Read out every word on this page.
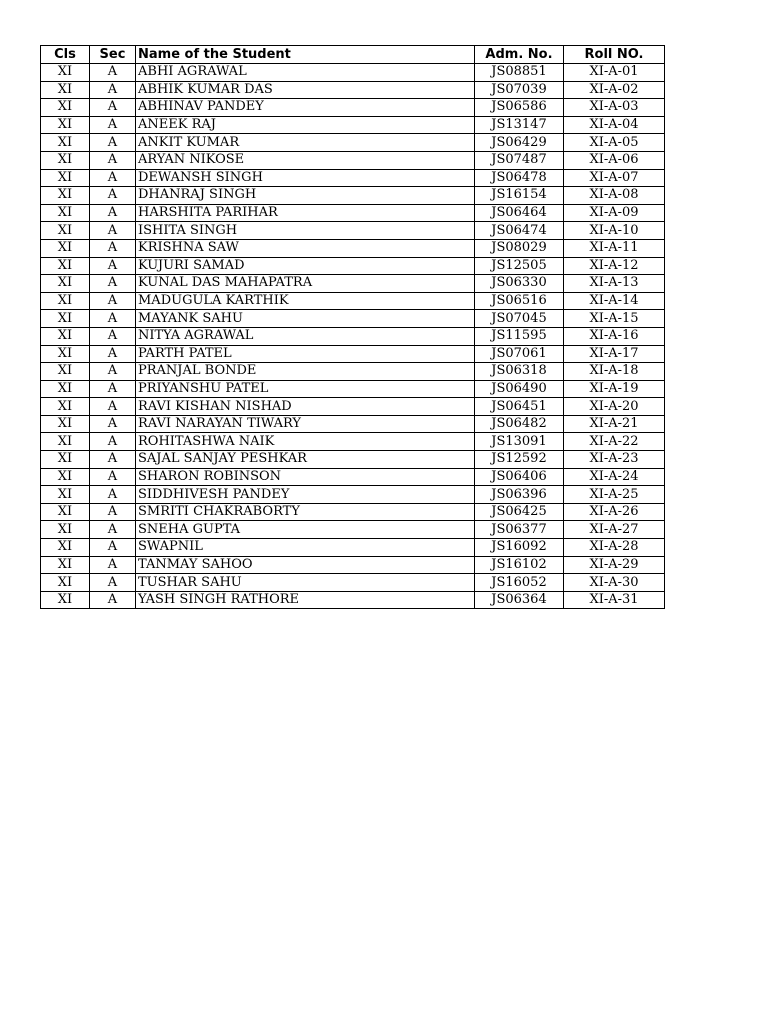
Cls	Sec	Name of the Student	Adm. No.	Roll NO.
XI	A	ABHI AGRAWAL	JS08851	XI-A-01
XI	A	ABHIK KUMAR DAS	JS07039	XI-A-02
XI	A	ABHINAV PANDEY	JS06586	XI-A-03
XI	A	ANEEK RAJ	JS13147	XI-A-04
XI	A	ANKIT KUMAR	JS06429	XI-A-05
XI	A	ARYAN NIKOSE	JS07487	XI-A-06
XI	A	DEWANSH SINGH	JS06478	XI-A-07
XI	A	DHANRAJ SINGH	JS16154	XI-A-08
XI	A	HARSHITA PARIHAR	JS06464	XI-A-09
XI	A	ISHITA SINGH	JS06474	XI-A-10
XI	A	KRISHNA SAW	JS08029	XI-A-11
XI	A	KUJURI SAMAD	JS12505	XI-A-12
XI	A	KUNAL DAS MAHAPATRA	JS06330	XI-A-13
XI	A	MADUGULA KARTHIK	JS06516	XI-A-14
XI	A	MAYANK SAHU	JS07045	XI-A-15
XI	A	NITYA AGRAWAL	JS11595	XI-A-16
XI	A	PARTH PATEL	JS07061	XI-A-17
XI	A	PRANJAL BONDE	JS06318	XI-A-18
XI	A	PRIYANSHU PATEL	JS06490	XI-A-19
XI	A	RAVI KISHAN NISHAD	JS06451	XI-A-20
XI	A	RAVI NARAYAN TIWARY	JS06482	XI-A-21
XI	A	ROHITASHWA NAIK	JS13091	XI-A-22
XI	A	SAJAL SANJAY PESHKAR	JS12592	XI-A-23
XI	A	SHARON ROBINSON	JS06406	XI-A-24
XI	A	SIDDHIVESH PANDEY	JS06396	XI-A-25
XI	A	SMRITI CHAKRABORTY	JS06425	XI-A-26
XI	A	SNEHA GUPTA	JS06377	XI-A-27
XI	A	SWAPNIL	JS16092	XI-A-28
XI	A	TANMAY SAHOO	JS16102	XI-A-29
XI	A	TUSHAR SAHU	JS16052	XI-A-30
XI	A	YASH SINGH RATHORE	JS06364	XI-A-31
